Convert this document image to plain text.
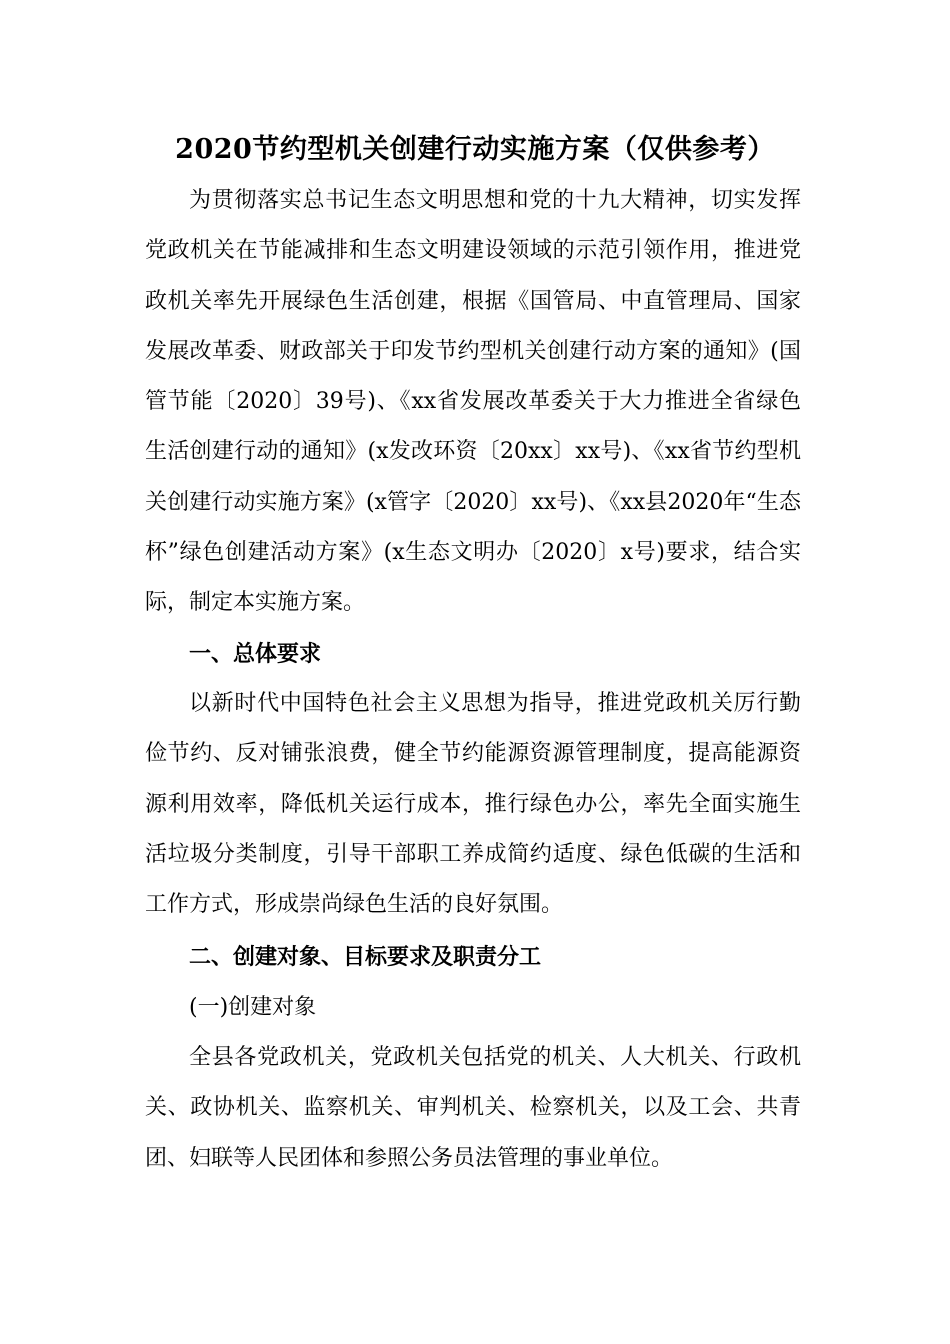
2020节约型机关创建行动实施方案（仅供参考）

为贯彻落实总书记生态文明思想和党的十九大精神，切实发挥党政机关在节能减排和生态文明建设领域的示范引领作用，推进党政机关率先开展绿色生活创建，根据《国管局、中直管理局、国家发展改革委、财政部关于印发节约型机关创建行动方案的通知》(国管节能〔2020〕39号)、《xx省发展改革委关于大力推进全省绿色生活创建行动的通知》(x发改环资〔20xx〕xx号)、《xx省节约型机关创建行动实施方案》(x管字〔2020〕xx号)、《xx县2020年“生态杯”绿色创建活动方案》(x生态文明办〔2020〕x号)要求，结合实际，制定本实施方案。

一、总体要求

以新时代中国特色社会主义思想为指导，推进党政机关厉行勤俭节约、反对铺张浪费，健全节约能源资源管理制度，提高能源资源利用效率，降低机关运行成本，推行绿色办公，率先全面实施生活垃圾分类制度，引导干部职工养成简约适度、绿色低碳的生活和工作方式，形成崇尚绿色生活的良好氛围。

二、创建对象、目标要求及职责分工

(一)创建对象

全县各党政机关，党政机关包括党的机关、人大机关、行政机关、政协机关、监察机关、审判机关、检察机关，以及工会、共青团、妇联等人民团体和参照公务员法管理的事业单位。
